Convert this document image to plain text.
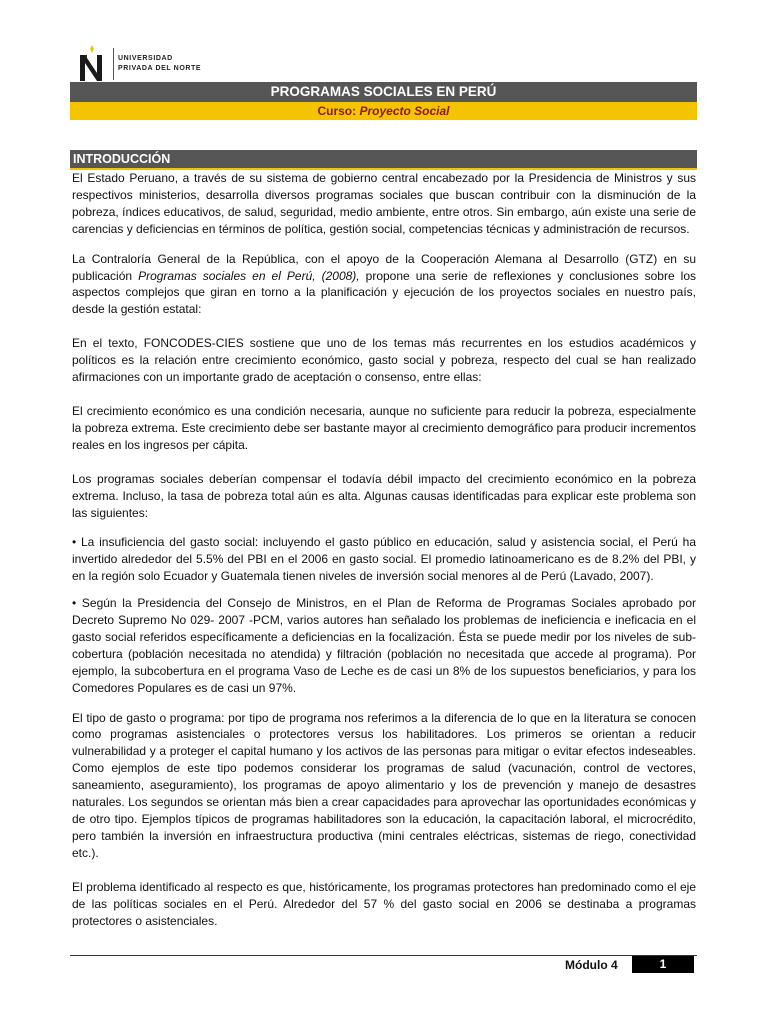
UNIVERSIDAD
PRIVADA DEL NORTE
PROGRAMAS SOCIALES EN PERÚ
Curso: Proyecto Social
INTRODUCCIÓN

El Estado Peruano, a través de su sistema de gobierno central encabezado por la Presidencia de Ministros y sus respectivos ministerios, desarrolla diversos programas sociales que buscan contribuir con la disminución de la pobreza, índices educativos, de salud, seguridad, medio ambiente, entre otros. Sin embargo, aún existe una serie de carencias y deficiencias en términos de política, gestión social, competencias técnicas y administración de recursos.

La Contraloría General de la República, con el apoyo de la Cooperación Alemana al Desarrollo (GTZ) en su publicación Programas sociales en el Perú, (2008), propone una serie de reflexiones y conclusiones sobre los aspectos complejos que giran en torno a la planificación y ejecución de los proyectos sociales en nuestro país, desde la gestión estatal:

En el texto, FONCODES-CIES sostiene que uno de los temas más recurrentes en los estudios académicos y políticos es la relación entre crecimiento económico, gasto social y pobreza, respecto del cual se han realizado afirmaciones con un importante grado de aceptación o consenso, entre ellas:

El crecimiento económico es una condición necesaria, aunque no suficiente para reducir la pobreza, especialmente la pobreza extrema. Este crecimiento debe ser bastante mayor al crecimiento demográfico para producir incrementos reales en los ingresos per cápita.

Los programas sociales deberían compensar el todavía débil impacto del crecimiento económico en la pobreza extrema. Incluso, la tasa de pobreza total aún es alta. Algunas causas identificadas para explicar este problema son las siguientes:

• La insuficiencia del gasto social: incluyendo el gasto público en educación, salud y asistencia social, el Perú ha invertido alrededor del 5.5% del PBI en el 2006 en gasto social. El promedio latinoamericano es de 8.2% del PBI, y en la región solo Ecuador y Guatemala tienen niveles de inversión social menores al de Perú (Lavado, 2007).

• Según la Presidencia del Consejo de Ministros, en el Plan de Reforma de Programas Sociales aprobado por Decreto Supremo No 029- 2007 -PCM, varios autores han señalado los problemas de ineficiencia e ineficacia en el gasto social referidos específicamente a deficiencias en la focalización. Ésta se puede medir por los niveles de sub-cobertura (población necesitada no atendida) y filtración (población no necesitada que accede al programa). Por ejemplo, la subcobertura en el programa Vaso de Leche es de casi un 8% de los supuestos beneficiarios, y para los Comedores Populares es de casi un 97%.

El tipo de gasto o programa: por tipo de programa nos referimos a la diferencia de lo que en la literatura se conocen como programas asistenciales o protectores versus los habilitadores. Los primeros se orientan a reducir vulnerabilidad y a proteger el capital humano y los activos de las personas para mitigar o evitar efectos indeseables. Como ejemplos de este tipo podemos considerar los programas de salud (vacunación, control de vectores, saneamiento, aseguramiento), los programas de apoyo alimentario y los de prevención y manejo de desastres naturales. Los segundos se orientan más bien a crear capacidades para aprovechar las oportunidades económicas y de otro tipo. Ejemplos típicos de programas habilitadores son la educación, la capacitación laboral, el microcrédito, pero también la inversión en infraestructura productiva (mini centrales eléctricas, sistemas de riego, conectividad etc.).

El problema identificado al respecto es que, históricamente, los programas protectores han predominado como el eje de las políticas sociales en el Perú. Alrededor del 57 % del gasto social en 2006 se destinaba a programas protectores o asistenciales.

Módulo 4	1
